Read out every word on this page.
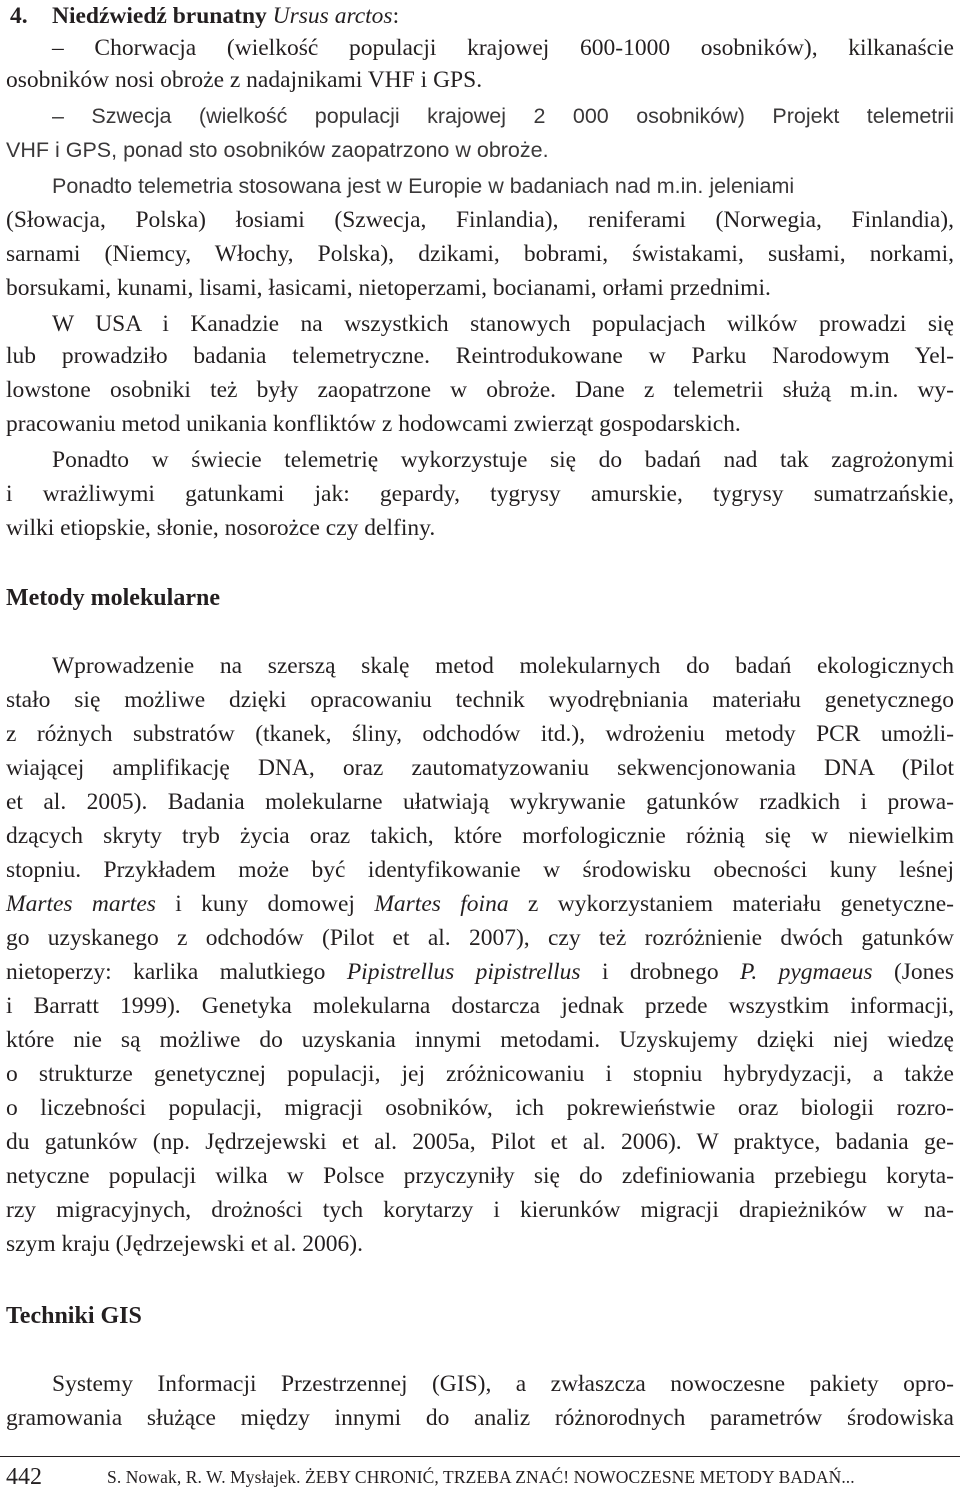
4. Niedźwiedź brunatny Ursus arctos:
– Chorwacja (wielkość populacji krajowej 600-1000 osobników), kilkanaście
osobników nosi obroże z nadajnikami VHF i GPS.
– Szwecja (wielkość populacji krajowej 2 000 osobników) Projekt telemetrii
VHF i GPS, ponad sto osobników zaopatrzono w obroże.
Ponadto telemetria stosowana jest w Europie w badaniach nad m.in. jeleniami
(Słowacja, Polska) łosiami (Szwecja, Finlandia), reniferami (Norwegia, Finlandia),
sarnami (Niemcy, Włochy, Polska), dzikami, bobrami, świstakami, susłami, norkami,
borsukami, kunami, lisami, łasicami, nietoperzami, bocianami, orłami przednimi.
W USA i Kanadzie na wszystkich stanowych populacjach wilków prowadzi się
lub prowadziło badania telemetryczne. Reintrodukowane w Parku Narodowym Yel-
lowstone osobniki też były zaopatrzone w obroże. Dane z telemetrii służą m.in. wy-
pracowaniu metod unikania konfliktów z hodowcami zwierząt gospodarskich.
Ponadto w świecie telemetrię wykorzystuje się do badań nad tak zagrożonymi
i wrażliwymi gatunkami jak: gepardy, tygrysy amurskie, tygrysy sumatrzańskie,
wilki etiopskie, słonie, nosorożce czy delfiny.
Metody molekularne
Wprowadzenie na szerszą skalę metod molekularnych do badań ekologicznych
stało się możliwe dzięki opracowaniu technik wyodrębniania materiału genetycznego
z różnych substratów (tkanek, śliny, odchodów itd.), wdrożeniu metody PCR umożli-
wiającej amplifikację DNA, oraz zautomatyzowaniu sekwencjonowania DNA (Pilot
et al. 2005). Badania molekularne ułatwiają wykrywanie gatunków rzadkich i prowa-
dzących skryty tryb życia oraz takich, które morfologicznie różnią się w niewielkim
stopniu. Przykładem może być identyfikowanie w środowisku obecności kuny leśnej
Martes martes i kuny domowej Martes foina z wykorzystaniem materiału genetyczne-
go uzyskanego z odchodów (Pilot et al. 2007), czy też rozróżnienie dwóch gatunków
nietoperzy: karlika malutkiego Pipistrellus pipistrellus i drobnego P. pygmaeus (Jones
i Barratt 1999). Genetyka molekularna dostarcza jednak przede wszystkim informacji,
które nie są możliwe do uzyskania innymi metodami. Uzyskujemy dzięki niej wiedzę
o strukturze genetycznej populacji, jej zróżnicowaniu i stopniu hybrydyzacji, a także
o liczebności populacji, migracji osobników, ich pokrewieństwie oraz biologii rozro-
du gatunków (np. Jędrzejewski et al. 2005a, Pilot et al. 2006). W praktyce, badania ge-
netyczne populacji wilka w Polsce przyczyniły się do zdefiniowania przebiegu koryta-
rzy migracyjnych, drożności tych korytarzy i kierunków migracji drapieżników w na-
szym kraju (Jędrzejewski et al. 2006).
Techniki GIS
Systemy Informacji Przestrzennej (GIS), a zwłaszcza nowoczesne pakiety opro-
gramowania służące między innymi do analiz różnorodnych parametrów środowiska
442	S. Nowak, R. W. Mysłajek. ŻEBY CHRONIĆ, TRZEBA ZNAĆ! NOWOCZESNE METODY BADAŃ...
